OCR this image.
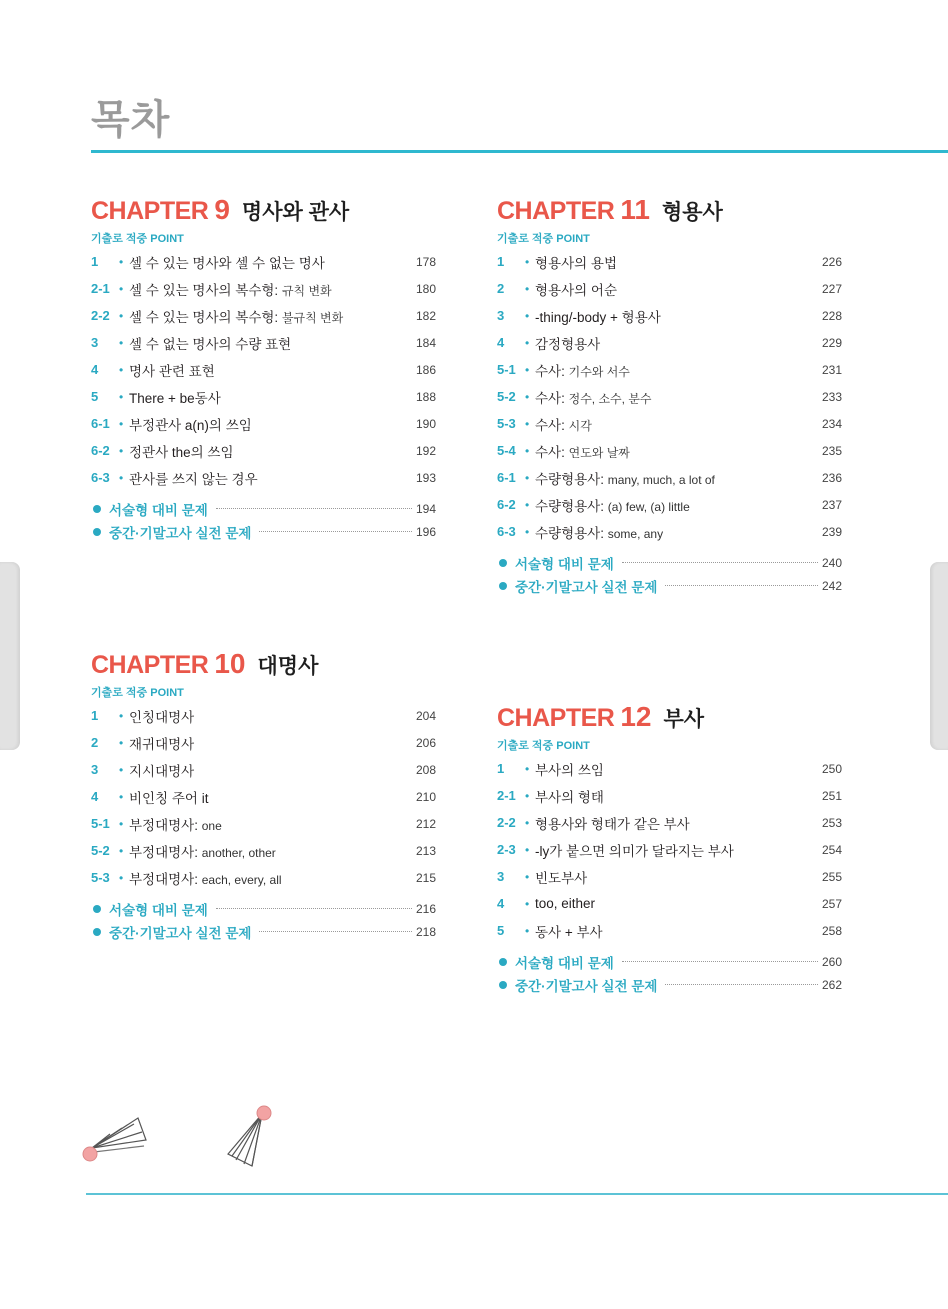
목차
CHAPTER 9 명사와 관사
기출로 적중 POINT
1	• 셀 수 있는 명사와 셀 수 없는 명사	178
2-1 • 셀 수 있는 명사의 복수형: 규칙 변화	180
2-2 • 셀 수 있는 명사의 복수형: 불규칙 변화	182
3	• 셀 수 없는 명사의 수량 표현	184
4	• 명사 관련 표현	186
5	• There + be동사	188
6-1 • 부정관사 a(n)의 쓰임	190
6-2 • 정관사 the의 쓰임	192
6-3 • 관사를 쓰지 않는 경우	193
서술형 대비 문제	194
중간·기말고사 실전 문제	196
CHAPTER 10 대명사
기출로 적중 POINT
1	• 인칭대명사	204
2	• 재귀대명사	206
3	• 지시대명사	208
4	• 비인칭 주어 it	210
5-1 • 부정대명사: one	212
5-2 • 부정대명사: another, other	213
5-3 • 부정대명사: each, every, all	215
서술형 대비 문제	216
중간·기말고사 실전 문제	218
CHAPTER 11 형용사
기출로 적중 POINT
1	• 형용사의 용법	226
2	• 형용사의 어순	227
3	• -thing/-body + 형용사	228
4	• 감정형용사	229
5-1 • 수사: 기수와 서수	231
5-2 • 수사: 정수, 소수, 분수	233
5-3 • 수사: 시각	234
5-4 • 수사: 연도와 날짜	235
6-1 • 수량형용사: many, much, a lot of	236
6-2 • 수량형용사: (a) few, (a) little	237
6-3 • 수량형용사: some, any	239
서술형 대비 문제	240
중간·기말고사 실전 문제	242
CHAPTER 12 부사
기출로 적중 POINT
1	• 부사의 쓰임	250
2-1 • 부사의 형태	251
2-2 • 형용사와 형태가 같은 부사	253
2-3 • -ly가 붙으면 의미가 달라지는 부사	254
3	• 빈도부사	255
4	• too, either	257
5	• 동사 + 부사	258
서술형 대비 문제	260
중간·기말고사 실전 문제	262
